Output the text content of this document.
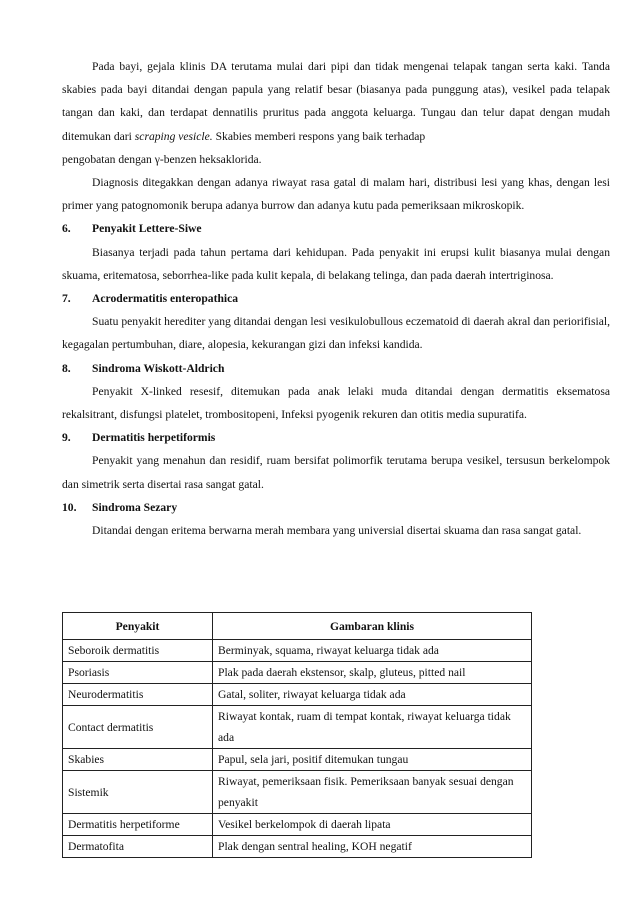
Pada bayi, gejala klinis DA terutama mulai dari pipi dan tidak mengenai telapak tangan serta kaki. Tanda skabies pada bayi ditandai dengan papula yang relatif besar (biasanya pada punggung atas), vesikel pada telapak tangan dan kaki, dan terdapat dennatilis pruritus pada anggota keluarga. Tungau dan telur dapat dengan mudah ditemukan dari scraping vesicle. Skabies memberi respons yang baik terhadap

pengobatan dengan γ-benzen heksaklorida.

Diagnosis ditegakkan dengan adanya riwayat rasa gatal di malam hari, distribusi lesi yang khas, dengan lesi primer yang patognomonik berupa adanya burrow dan adanya kutu pada pemeriksaan mikroskopik.

6.	Penyakit Lettere-Siwe

Biasanya terjadi pada tahun pertama dari kehidupan. Pada penyakit ini erupsi kulit biasanya mulai dengan skuama, eritematosa, seborrhea-like pada kulit kepala, di belakang telinga, dan pada daerah intertriginosa.

7.	Acrodermatitis enteropathica

Suatu penyakit herediter yang ditandai dengan lesi vesikulobullous eczematoid di daerah akral dan periorifisial, kegagalan pertumbuhan, diare, alopesia, kekurangan gizi dan infeksi kandida.

8.	Sindroma Wiskott-Aldrich

Penyakit X-linked resesif, ditemukan pada anak lelaki muda ditandai dengan dermatitis eksematosa rekalsitrant, disfungsi platelet, trombositopeni, Infeksi pyogenik rekuren dan otitis media supuratifa.

9.	Dermatitis herpetiformis

Penyakit yang menahun dan residif, ruam bersifat polimorfik terutama berupa vesikel, tersusun berkelompok dan simetrik serta disertai rasa sangat gatal.

10.	Sindroma Sezary

Ditandai dengan eritema berwarna merah membara yang universial disertai skuama dan rasa sangat gatal.

Penyakit	Gambaran klinis
Seboroik dermatitis	Berminyak, squama, riwayat keluarga tidak ada
Psoriasis	Plak pada daerah ekstensor, skalp, gluteus, pitted nail
Neurodermatitis	Gatal, soliter, riwayat keluarga tidak ada
Contact dermatitis	Riwayat kontak, ruam di tempat kontak, riwayat keluarga tidak ada
Skabies	Papul, sela jari, positif ditemukan tungau
Sistemik	Riwayat, pemeriksaan fisik. Pemeriksaan banyak sesuai dengan penyakit
Dermatitis herpetiforme	Vesikel berkelompok di daerah lipata
Dermatofita	Plak dengan sentral healing, KOH negatif
